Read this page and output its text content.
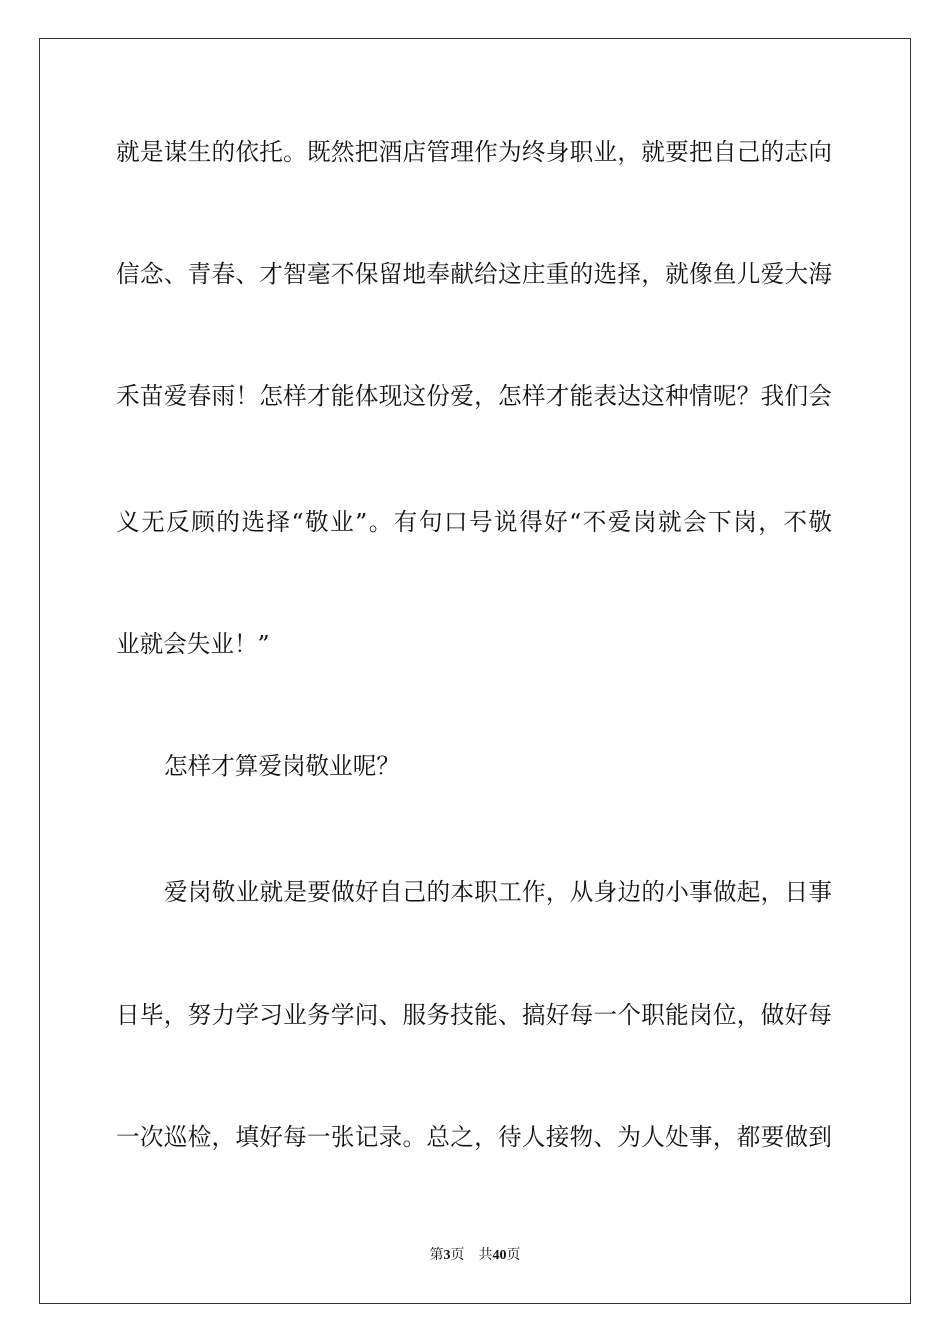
就是谋生的依托。既然把酒店管理作为终身职业，就要把自己的志向
信念、青春、才智毫不保留地奉献给这庄重的选择，就像鱼儿爱大海
禾苗爱春雨！怎样才能体现这份爱，怎样才能表达这种情呢？我们会
义无反顾的选择“敬业”。有句口号说得好“不爱岗就会下岗，不敬
业就会失业！”
怎样才算爱岗敬业呢？
爱岗敬业就是要做好自己的本职工作，从身边的小事做起，日事
日毕，努力学习业务学问、服务技能、搞好每一个职能岗位，做好每
一次巡检，填好每一张记录。总之，待人接物、为人处事，都要做到
第3页 共40页
